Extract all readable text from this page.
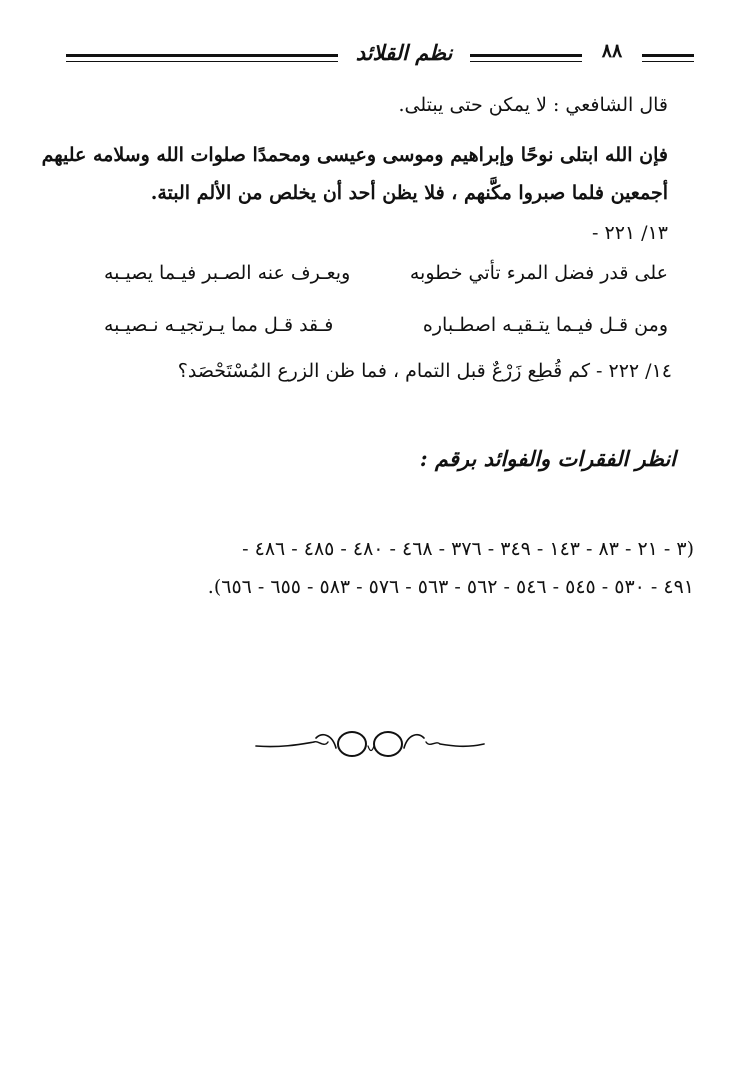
نظم القلائد	٨٨
قال الشافعي : لا يمكن حتى يبتلى.
فإن الله ابتلى نوحًا وإبراهيم وموسى وعيسى ومحمدًا صلوات الله وسلامه عليهم
أجمعين فلما صبروا مكَّنهم ، فلا يظن أحد أن يخلص من الألم البتة.
١٣/ ٢٢١ -
على قدر فضل المرء تأتي خطوبه
ويعـرف عنه الصـبر فيـما يصيـبه
ومن قـل فيـما يتـقيـه اصطـباره
فـقد قـل مما يـرتجيـه نـصيـبه
١٤/ ٢٢٢ - كم قُطِع زَرْعٌ قبل التمام ، فما ظن الزرع المُسْتَحْصَد؟
انظر الفقرات والفوائد برقم :
(٣ - ٢١ - ٨٣ - ١٤٣ - ٣٤٩ - ٣٧٦ - ٤٦٨ - ٤٨٠ - ٤٨٥ - ٤٨٦ -
٤٩١ - ٥٣٠ - ٥٤٥ - ٥٤٦ - ٥٦٢ - ٥٦٣ - ٥٧٦ - ٥٨٣ - ٦٥٥ - ٦٥٦).
